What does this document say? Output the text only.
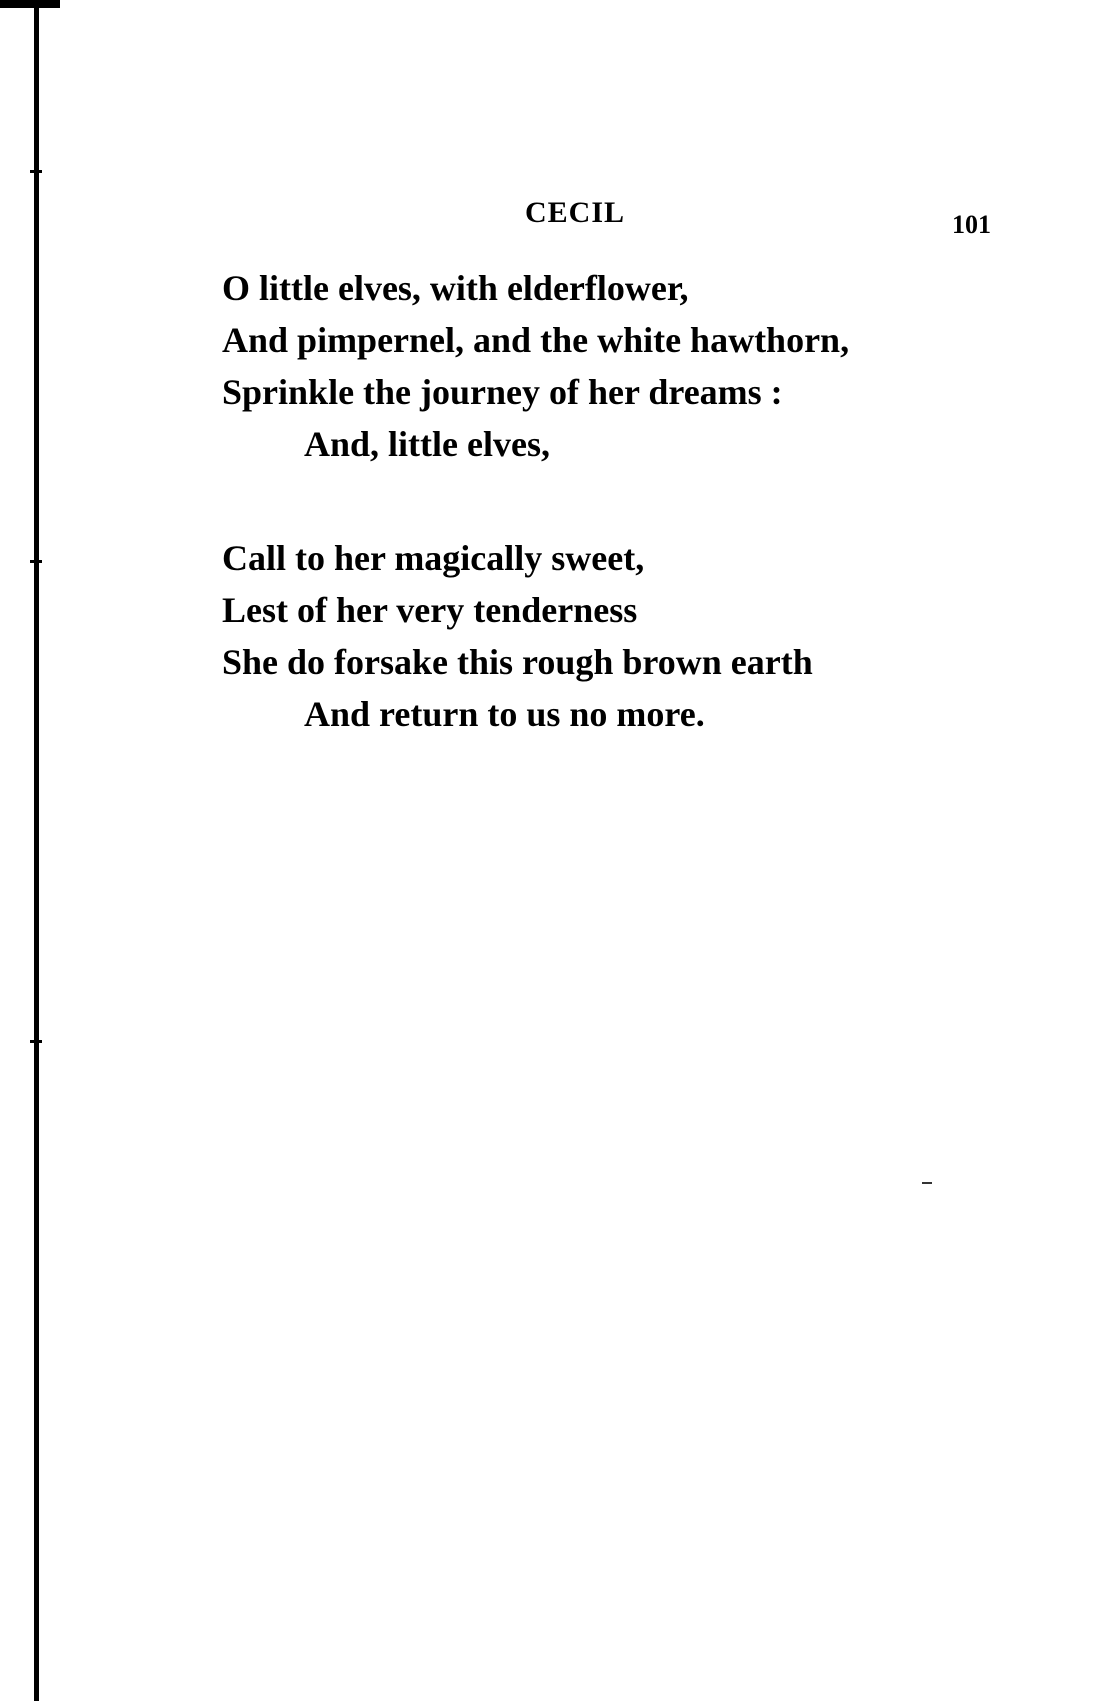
CECIL	101
O little elves, with elderflower,
And pimpernel, and the white hawthorn,
Sprinkle the journey of her dreams :
And, little elves,
Call to her magically sweet,
Lest of her very tenderness
She do forsake this rough brown earth
And return to us no more.
